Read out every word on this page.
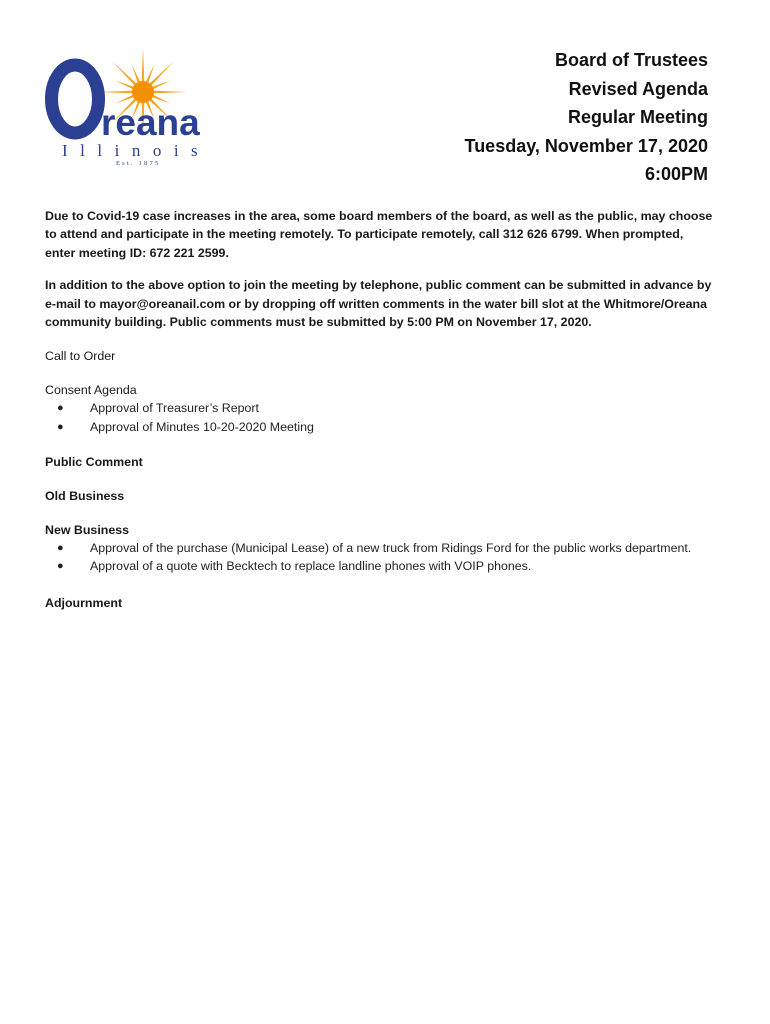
reana
Illinois
Est. 1875
Board of Trustees
Revised Agenda
Regular Meeting
Tuesday, November 17, 2020
6:00PM

Due to Covid-19 case increases in the area, some board members of the board, as well as the public, may choose to attend and participate in the meeting remotely. To participate remotely, call 312 626 6799. When prompted, enter meeting ID: 672 221 2599.

In addition to the above option to join the meeting by telephone, public comment can be submitted in advance by e-mail to mayor@oreanail.com or by dropping off written comments in the water bill slot at the Whitmore/Oreana community building. Public comments must be submitted by 5:00 PM on November 17, 2020.

Call to Order

Consent Agenda

● Approval of Treasurer’s Report
● Approval of Minutes 10-20-2020 Meeting

Public Comment

Old Business

New Business

● Approval of the purchase (Municipal Lease) of a new truck from Ridings Ford for the public works department.
● Approval of a quote with Becktech to replace landline phones with VOIP phones.

Adjournment
